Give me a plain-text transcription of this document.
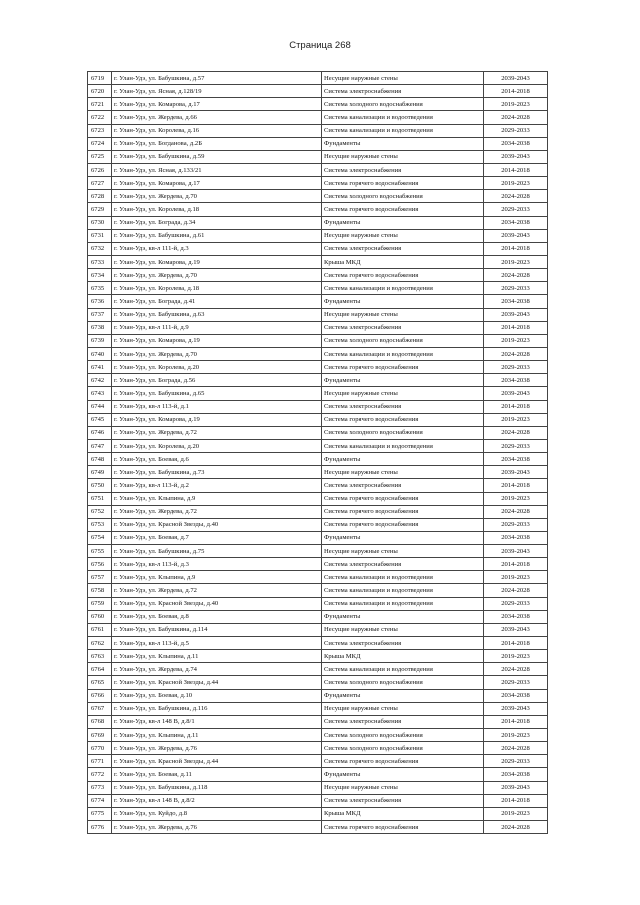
Страница 268
6719	г. Улан-Удэ, ул. Бабушкина, д.57	Несущие наружные стены	2039-2043
6720	г. Улан-Удэ, ул. Ясная, д.128/19	Система электроснабжения	2014-2018
6721	г. Улан-Удэ, ул. Комарова, д.17	Система холодного водоснабжения	2019-2023
6722	г. Улан-Удэ, ул. Жердева, д.66	Система канализации и водоотведения	2024-2028
6723	г. Улан-Удэ, ул. Королева, д.16	Система канализации и водоотведения	2029-2033
6724	г. Улан-Удэ, ул. Богданова, д.2Б	Фундаменты	2034-2038
6725	г. Улан-Удэ, ул. Бабушкина, д.59	Несущие наружные стены	2039-2043
6726	г. Улан-Удэ, ул. Ясная, д.133/21	Система электроснабжения	2014-2018
6727	г. Улан-Удэ, ул. Комарова, д.17	Система горячего водоснабжения	2019-2023
6728	г. Улан-Удэ, ул. Жердева, д.70	Система холодного водоснабжения	2024-2028
6729	г. Улан-Удэ, ул. Королева, д.18	Система горячего водоснабжения	2029-2033
6730	г. Улан-Удэ, ул. Бограда, д.34	Фундаменты	2034-2038
6731	г. Улан-Удэ, ул. Бабушкина, д.61	Несущие наружные стены	2039-2043
6732	г. Улан-Удэ, кв-л 111-й, д.3	Система электроснабжения	2014-2018
6733	г. Улан-Удэ, ул. Комарова, д.19	Крыша МКД	2019-2023
6734	г. Улан-Удэ, ул. Жердева, д.70	Система горячего водоснабжения	2024-2028
6735	г. Улан-Удэ, ул. Королева, д.18	Система канализации и водоотведения	2029-2033
6736	г. Улан-Удэ, ул. Бограда, д.41	Фундаменты	2034-2038
6737	г. Улан-Удэ, ул. Бабушкина, д.63	Несущие наружные стены	2039-2043
6738	г. Улан-Удэ, кв-л 111-й, д.9	Система электроснабжения	2014-2018
6739	г. Улан-Удэ, ул. Комарова, д.19	Система холодного водоснабжения	2019-2023
6740	г. Улан-Удэ, ул. Жердева, д.70	Система канализации и водоотведения	2024-2028
6741	г. Улан-Удэ, ул. Королева, д.20	Система горячего водоснабжения	2029-2033
6742	г. Улан-Удэ, ул. Бограда, д.56	Фундаменты	2034-2038
6743	г. Улан-Удэ, ул. Бабушкина, д.65	Несущие наружные стены	2039-2043
6744	г. Улан-Удэ, кв-л 113-й, д.1	Система электроснабжения	2014-2018
6745	г. Улан-Удэ, ул. Комарова, д.19	Система горячего водоснабжения	2019-2023
6746	г. Улан-Удэ, ул. Жердева, д.72	Система холодного водоснабжения	2024-2028
6747	г. Улан-Удэ, ул. Королева, д.20	Система канализации и водоотведения	2029-2033
6748	г. Улан-Удэ, ул. Боевая, д.6	Фундаменты	2034-2038
6749	г. Улан-Удэ, ул. Бабушкина, д.73	Несущие наружные стены	2039-2043
6750	г. Улан-Удэ, кв-л 113-й, д.2	Система электроснабжения	2014-2018
6751	г. Улан-Удэ, ул. Клыпина, д.9	Система горячего водоснабжения	2019-2023
6752	г. Улан-Удэ, ул. Жердева, д.72	Система горячего водоснабжения	2024-2028
6753	г. Улан-Удэ, ул. Красной Звезды, д.40	Система горячего водоснабжения	2029-2033
6754	г. Улан-Удэ, ул. Боевая, д.7	Фундаменты	2034-2038
6755	г. Улан-Удэ, ул. Бабушкина, д.75	Несущие наружные стены	2039-2043
6756	г. Улан-Удэ, кв-л 113-й, д.3	Система электроснабжения	2014-2018
6757	г. Улан-Удэ, ул. Клыпина, д.9	Система канализации и водоотведения	2019-2023
6758	г. Улан-Удэ, ул. Жердева, д.72	Система канализации и водоотведения	2024-2028
6759	г. Улан-Удэ, ул. Красной Звезды, д.40	Система канализации и водоотведения	2029-2033
6760	г. Улан-Удэ, ул. Боевая, д.8	Фундаменты	2034-2038
6761	г. Улан-Удэ, ул. Бабушкина, д.114	Несущие наружные стены	2039-2043
6762	г. Улан-Удэ, кв-л 113-й, д.5	Система электроснабжения	2014-2018
6763	г. Улан-Удэ, ул. Клыпина, д.11	Крыша МКД	2019-2023
6764	г. Улан-Удэ, ул. Жердева, д.74	Система канализации и водоотведения	2024-2028
6765	г. Улан-Удэ, ул. Красной Звезды, д.44	Система холодного водоснабжения	2029-2033
6766	г. Улан-Удэ, ул. Боевая, д.10	Фундаменты	2034-2038
6767	г. Улан-Удэ, ул. Бабушкина, д.116	Несущие наружные стены	2039-2043
6768	г. Улан-Удэ, кв-л 148 В, д.8/1	Система электроснабжения	2014-2018
6769	г. Улан-Удэ, ул. Клыпина, д.11	Система холодного водоснабжения	2019-2023
6770	г. Улан-Удэ, ул. Жердева, д.76	Система холодного водоснабжения	2024-2028
6771	г. Улан-Удэ, ул. Красной Звезды, д.44	Система горячего водоснабжения	2029-2033
6772	г. Улан-Удэ, ул. Боевая, д.11	Фундаменты	2034-2038
6773	г. Улан-Удэ, ул. Бабушкина, д.118	Несущие наружные стены	2039-2043
6774	г. Улан-Удэ, кв-л 148 В, д.8/2	Система электроснабжения	2014-2018
6775	г. Улан-Удэ, ул. Куйдо, д.8	Крыша МКД	2019-2023
6776	г. Улан-Удэ, ул. Жердева, д.76	Система горячего водоснабжения	2024-2028
